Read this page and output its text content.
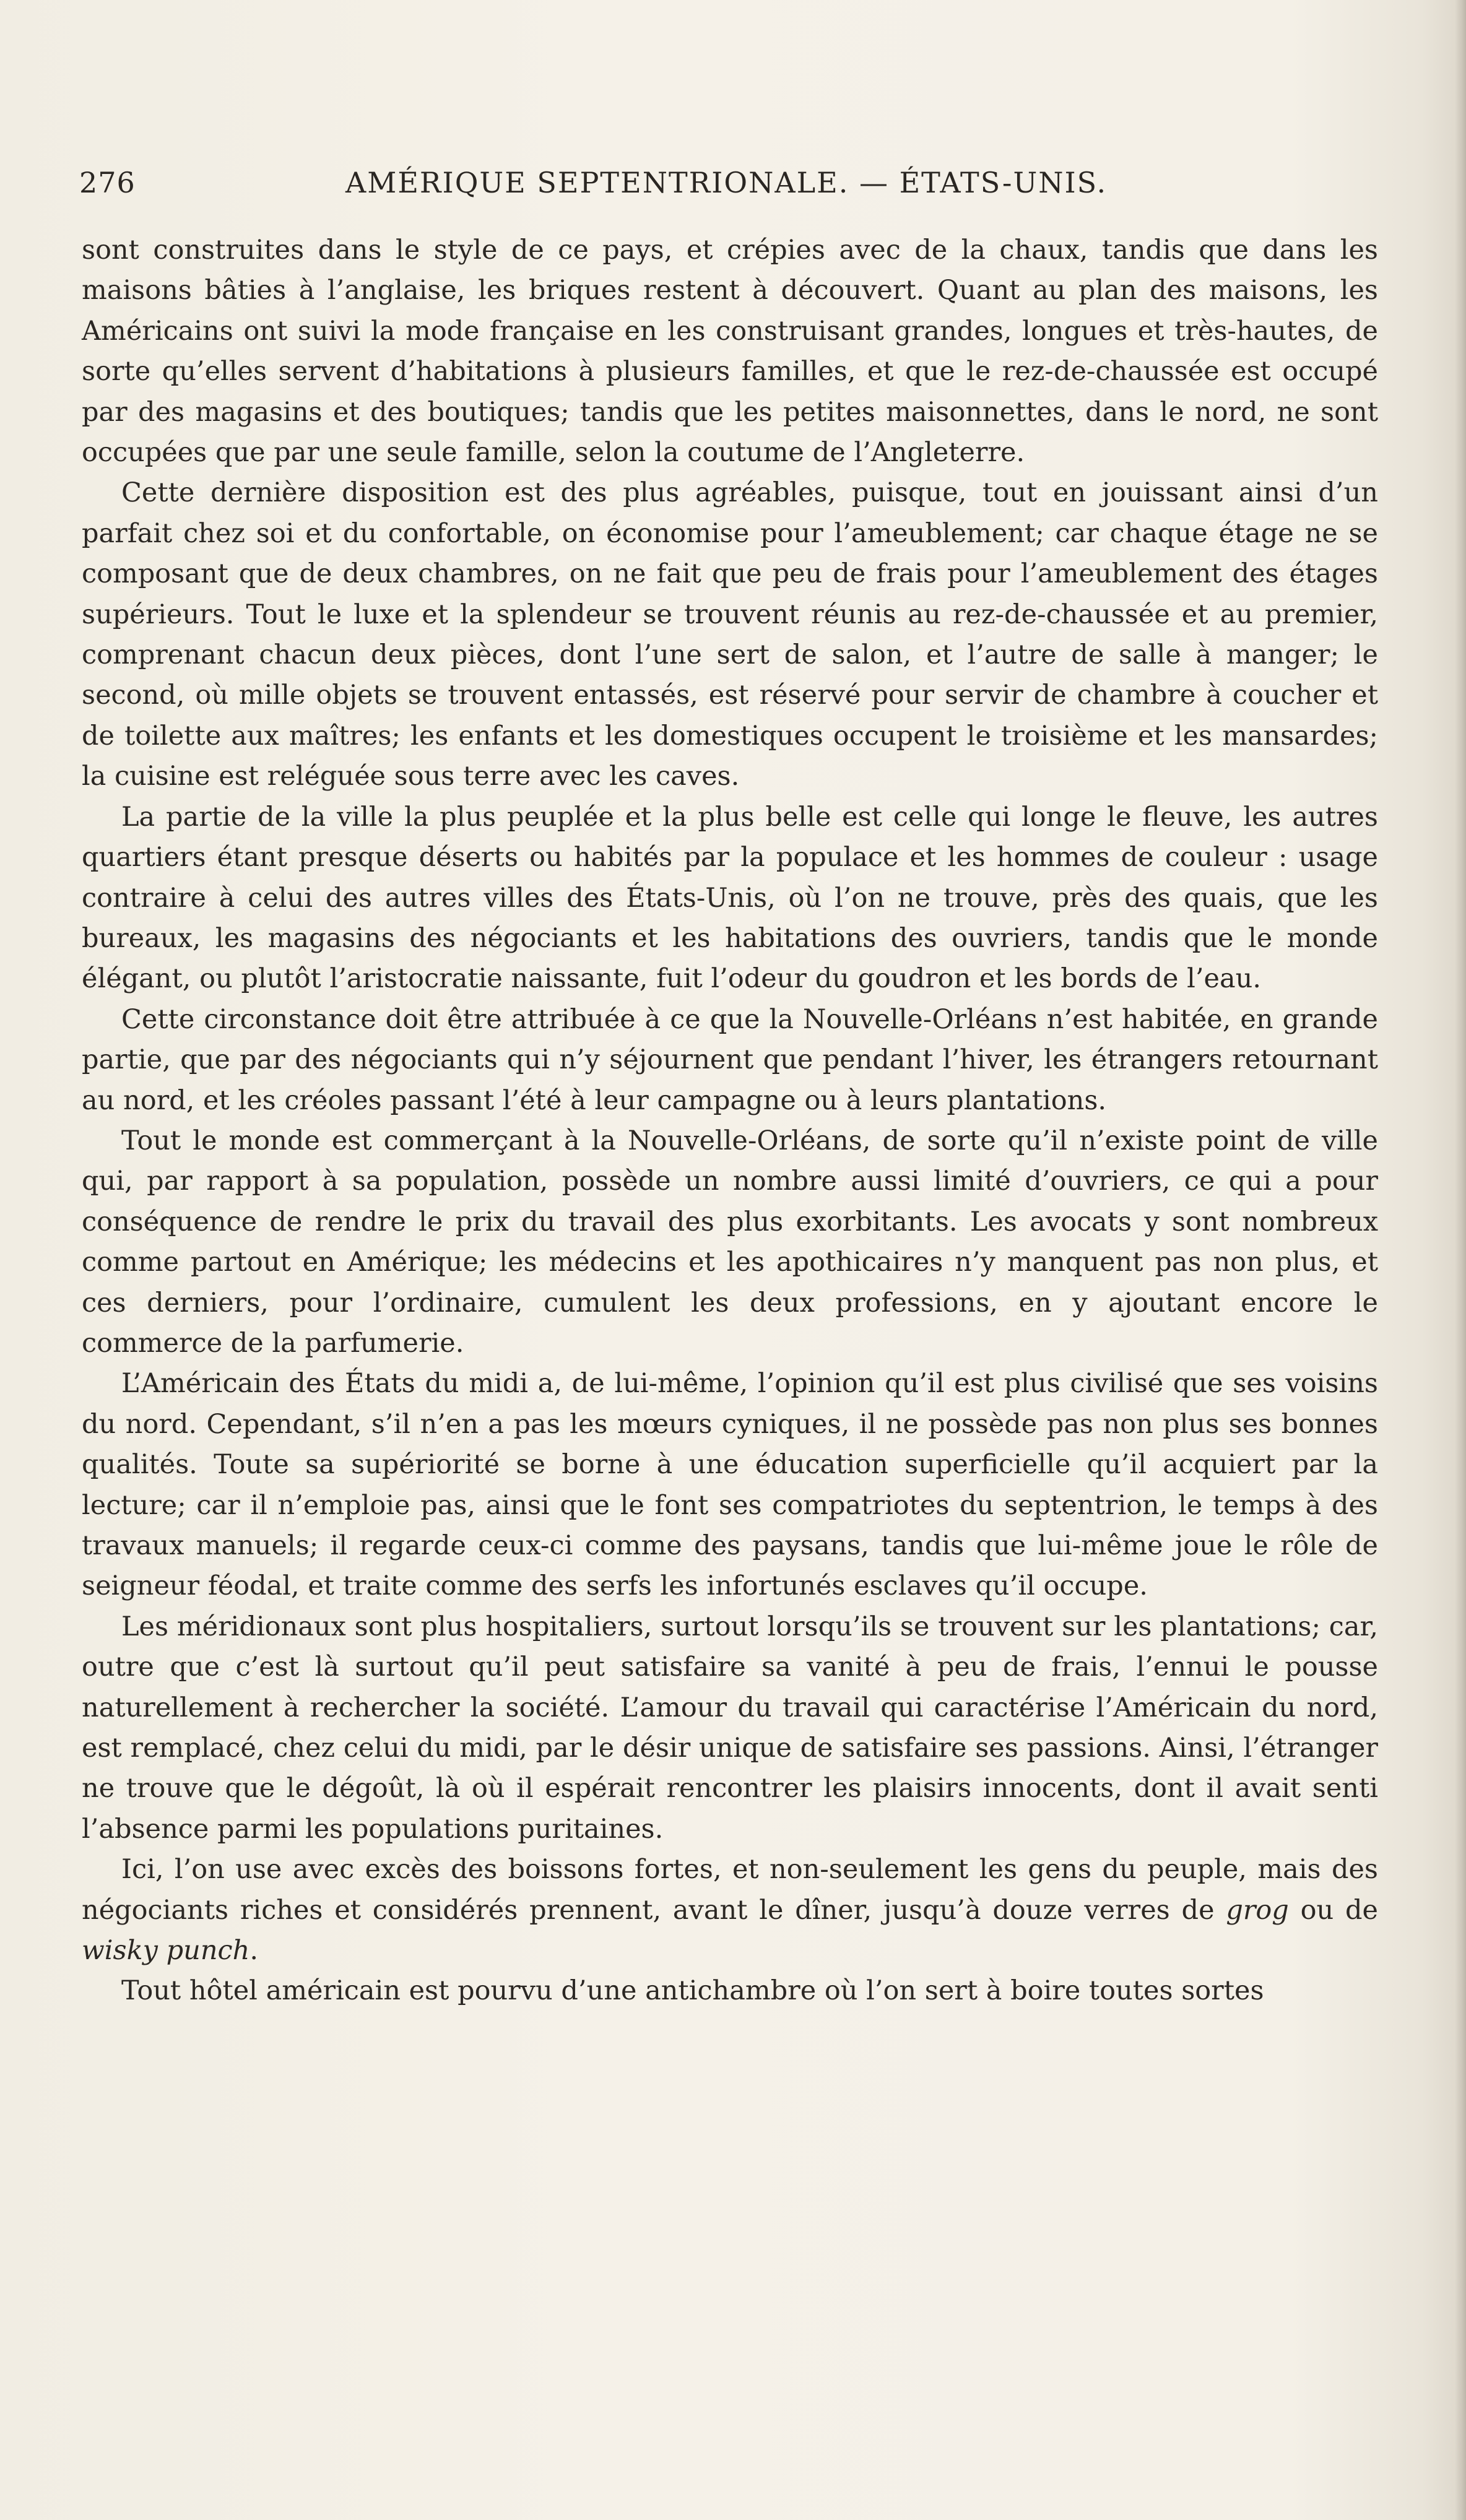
276	AMÉRIQUE SEPTENTRIONALE. — ÉTATS-UNIS.

sont construites dans le style de ce pays, et crépies avec de la chaux, tandis que dans les maisons bâties à l’anglaise, les briques restent à découvert. Quant au plan des maisons, les Américains ont suivi la mode française en les construisant grandes, longues et très-hautes, de sorte qu’elles servent d’habitations à plusieurs familles, et que le rez-de-chaussée est occupé par des magasins et des boutiques; tandis que les petites maisonnettes, dans le nord, ne sont occupées que par une seule famille, selon la coutume de l’Angleterre.

Cette dernière disposition est des plus agréables, puisque, tout en jouissant ainsi d’un parfait chez soi et du confortable, on économise pour l’ameublement; car chaque étage ne se composant que de deux chambres, on ne fait que peu de frais pour l’ameublement des étages supérieurs. Tout le luxe et la splendeur se trouvent réunis au rez-de-chaussée et au premier, comprenant chacun deux pièces, dont l’une sert de salon, et l’autre de salle à manger; le second, où mille objets se trouvent entassés, est réservé pour servir de chambre à coucher et de toilette aux maîtres; les enfants et les domestiques occupent le troisième et les mansardes; la cuisine est reléguée sous terre avec les caves.

La partie de la ville la plus peuplée et la plus belle est celle qui longe le fleuve, les autres quartiers étant presque déserts ou habités par la populace et les hommes de couleur : usage contraire à celui des autres villes des États-Unis, où l’on ne trouve, près des quais, que les bureaux, les magasins des négociants et les habitations des ouvriers, tandis que le monde élégant, ou plutôt l’aristocratie naissante, fuit l’odeur du goudron et les bords de l’eau.

Cette circonstance doit être attribuée à ce que la Nouvelle-Orléans n’est habitée, en grande partie, que par des négociants qui n’y séjournent que pendant l’hiver, les étrangers retournant au nord, et les créoles passant l’été à leur campagne ou à leurs plantations.

Tout le monde est commerçant à la Nouvelle-Orléans, de sorte qu’il n’existe point de ville qui, par rapport à sa population, possède un nombre aussi limité d’ouvriers, ce qui a pour conséquence de rendre le prix du travail des plus exorbitants. Les avocats y sont nombreux comme partout en Amérique; les médecins et les apothicaires n’y manquent pas non plus, et ces derniers, pour l’ordinaire, cumulent les deux professions, en y ajoutant encore le commerce de la parfumerie.

L’Américain des États du midi a, de lui-même, l’opinion qu’il est plus civilisé que ses voisins du nord. Cependant, s’il n’en a pas les mœurs cyniques, il ne possède pas non plus ses bonnes qualités. Toute sa supériorité se borne à une éducation superficielle qu’il acquiert par la lecture; car il n’emploie pas, ainsi que le font ses compatriotes du septentrion, le temps à des travaux manuels; il regarde ceux-ci comme des paysans, tandis que lui-même joue le rôle de seigneur féodal, et traite comme des serfs les infortunés esclaves qu’il occupe.

Les méridionaux sont plus hospitaliers, surtout lorsqu’ils se trouvent sur les plantations; car, outre que c’est là surtout qu’il peut satisfaire sa vanité à peu de frais, l’ennui le pousse naturellement à rechercher la société. L’amour du travail qui caractérise l’Américain du nord, est remplacé, chez celui du midi, par le désir unique de satisfaire ses passions. Ainsi, l’étranger ne trouve que le dégoût, là où il espérait rencontrer les plaisirs innocents, dont il avait senti l’absence parmi les populations puritaines.

Ici, l’on use avec excès des boissons fortes, et non-seulement les gens du peuple, mais des négociants riches et considérés prennent, avant le dîner, jusqu’à douze verres de grog ou de wisky punch.

Tout hôtel américain est pourvu d’une antichambre où l’on sert à boire toutes sortes
